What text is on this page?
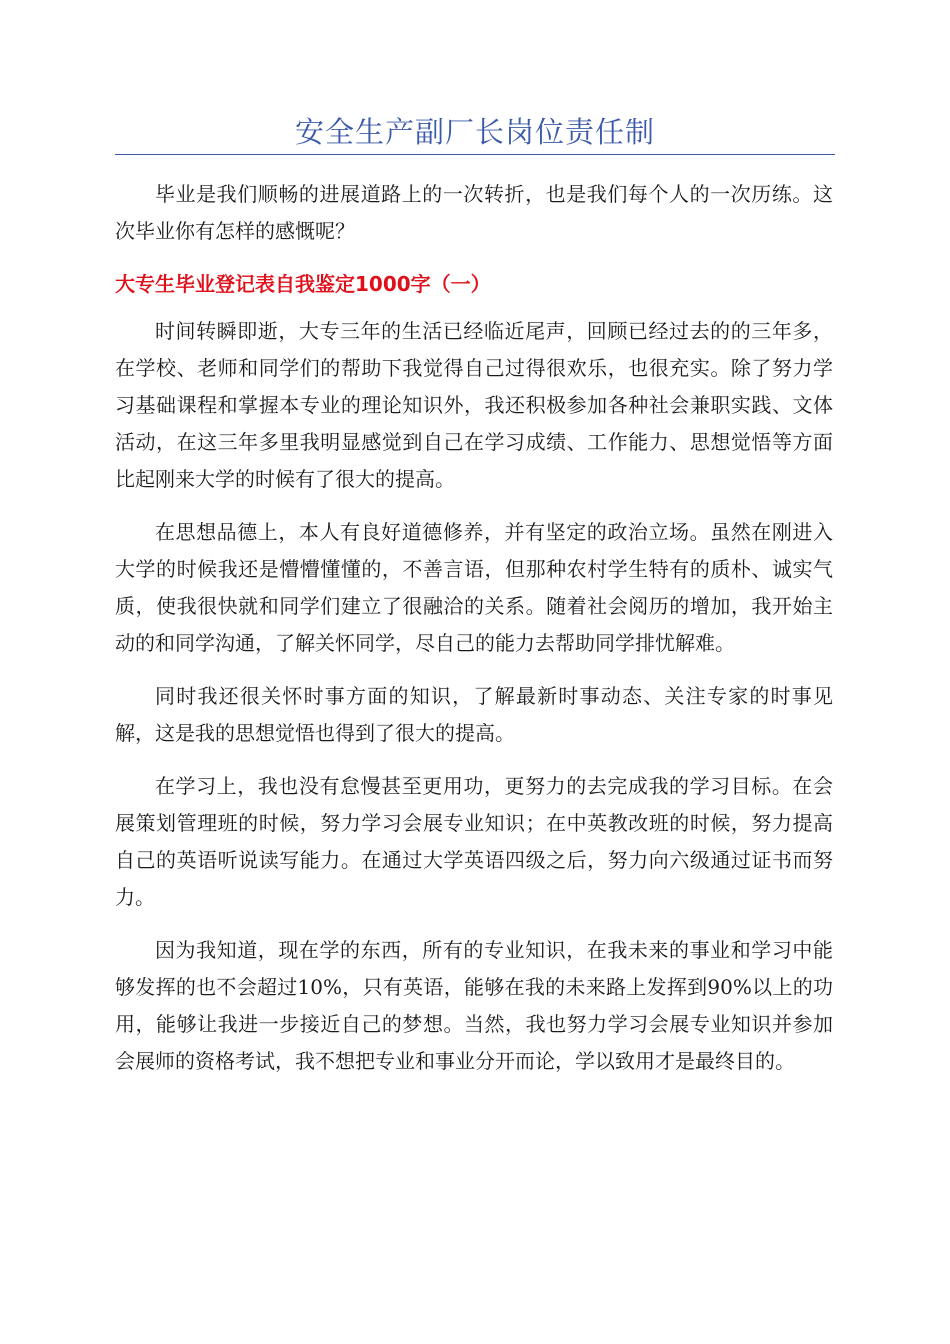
安全生产副厂长岗位责任制

毕业是我们顺畅的进展道路上的一次转折，也是我们每个人的一次历练。这次毕业你有怎样的感慨呢？

大专生毕业登记表自我鉴定1000字（一）

时间转瞬即逝，大专三年的生活已经临近尾声，回顾已经过去的的三年多，在学校、老师和同学们的帮助下我觉得自己过得很欢乐，也很充实。除了努力学习基础课程和掌握本专业的理论知识外，我还积极参加各种社会兼职实践、文体活动，在这三年多里我明显感觉到自己在学习成绩、工作能力、思想觉悟等方面比起刚来大学的时候有了很大的提高。

在思想品德上，本人有良好道德修养，并有坚定的政治立场。虽然在刚进入大学的时候我还是懵懵懂懂的，不善言语，但那种农村学生特有的质朴、诚实气质，使我很快就和同学们建立了很融洽的关系。随着社会阅历的增加，我开始主动的和同学沟通，了解关怀同学，尽自己的能力去帮助同学排忧解难。

同时我还很关怀时事方面的知识，了解最新时事动态、关注专家的时事见解，这是我的思想觉悟也得到了很大的提高。

在学习上，我也没有怠慢甚至更用功，更努力的去完成我的学习目标。在会展策划管理班的时候，努力学习会展专业知识；在中英教改班的时候，努力提高自己的英语听说读写能力。在通过大学英语四级之后，努力向六级通过证书而努力。

因为我知道，现在学的东西，所有的专业知识，在我未来的事业和学习中能够发挥的也不会超过10%，只有英语，能够在我的未来路上发挥到90%以上的功用，能够让我进一步接近自己的梦想。当然，我也努力学习会展专业知识并参加会展师的资格考试，我不想把专业和事业分开而论，学以致用才是最终目的。
